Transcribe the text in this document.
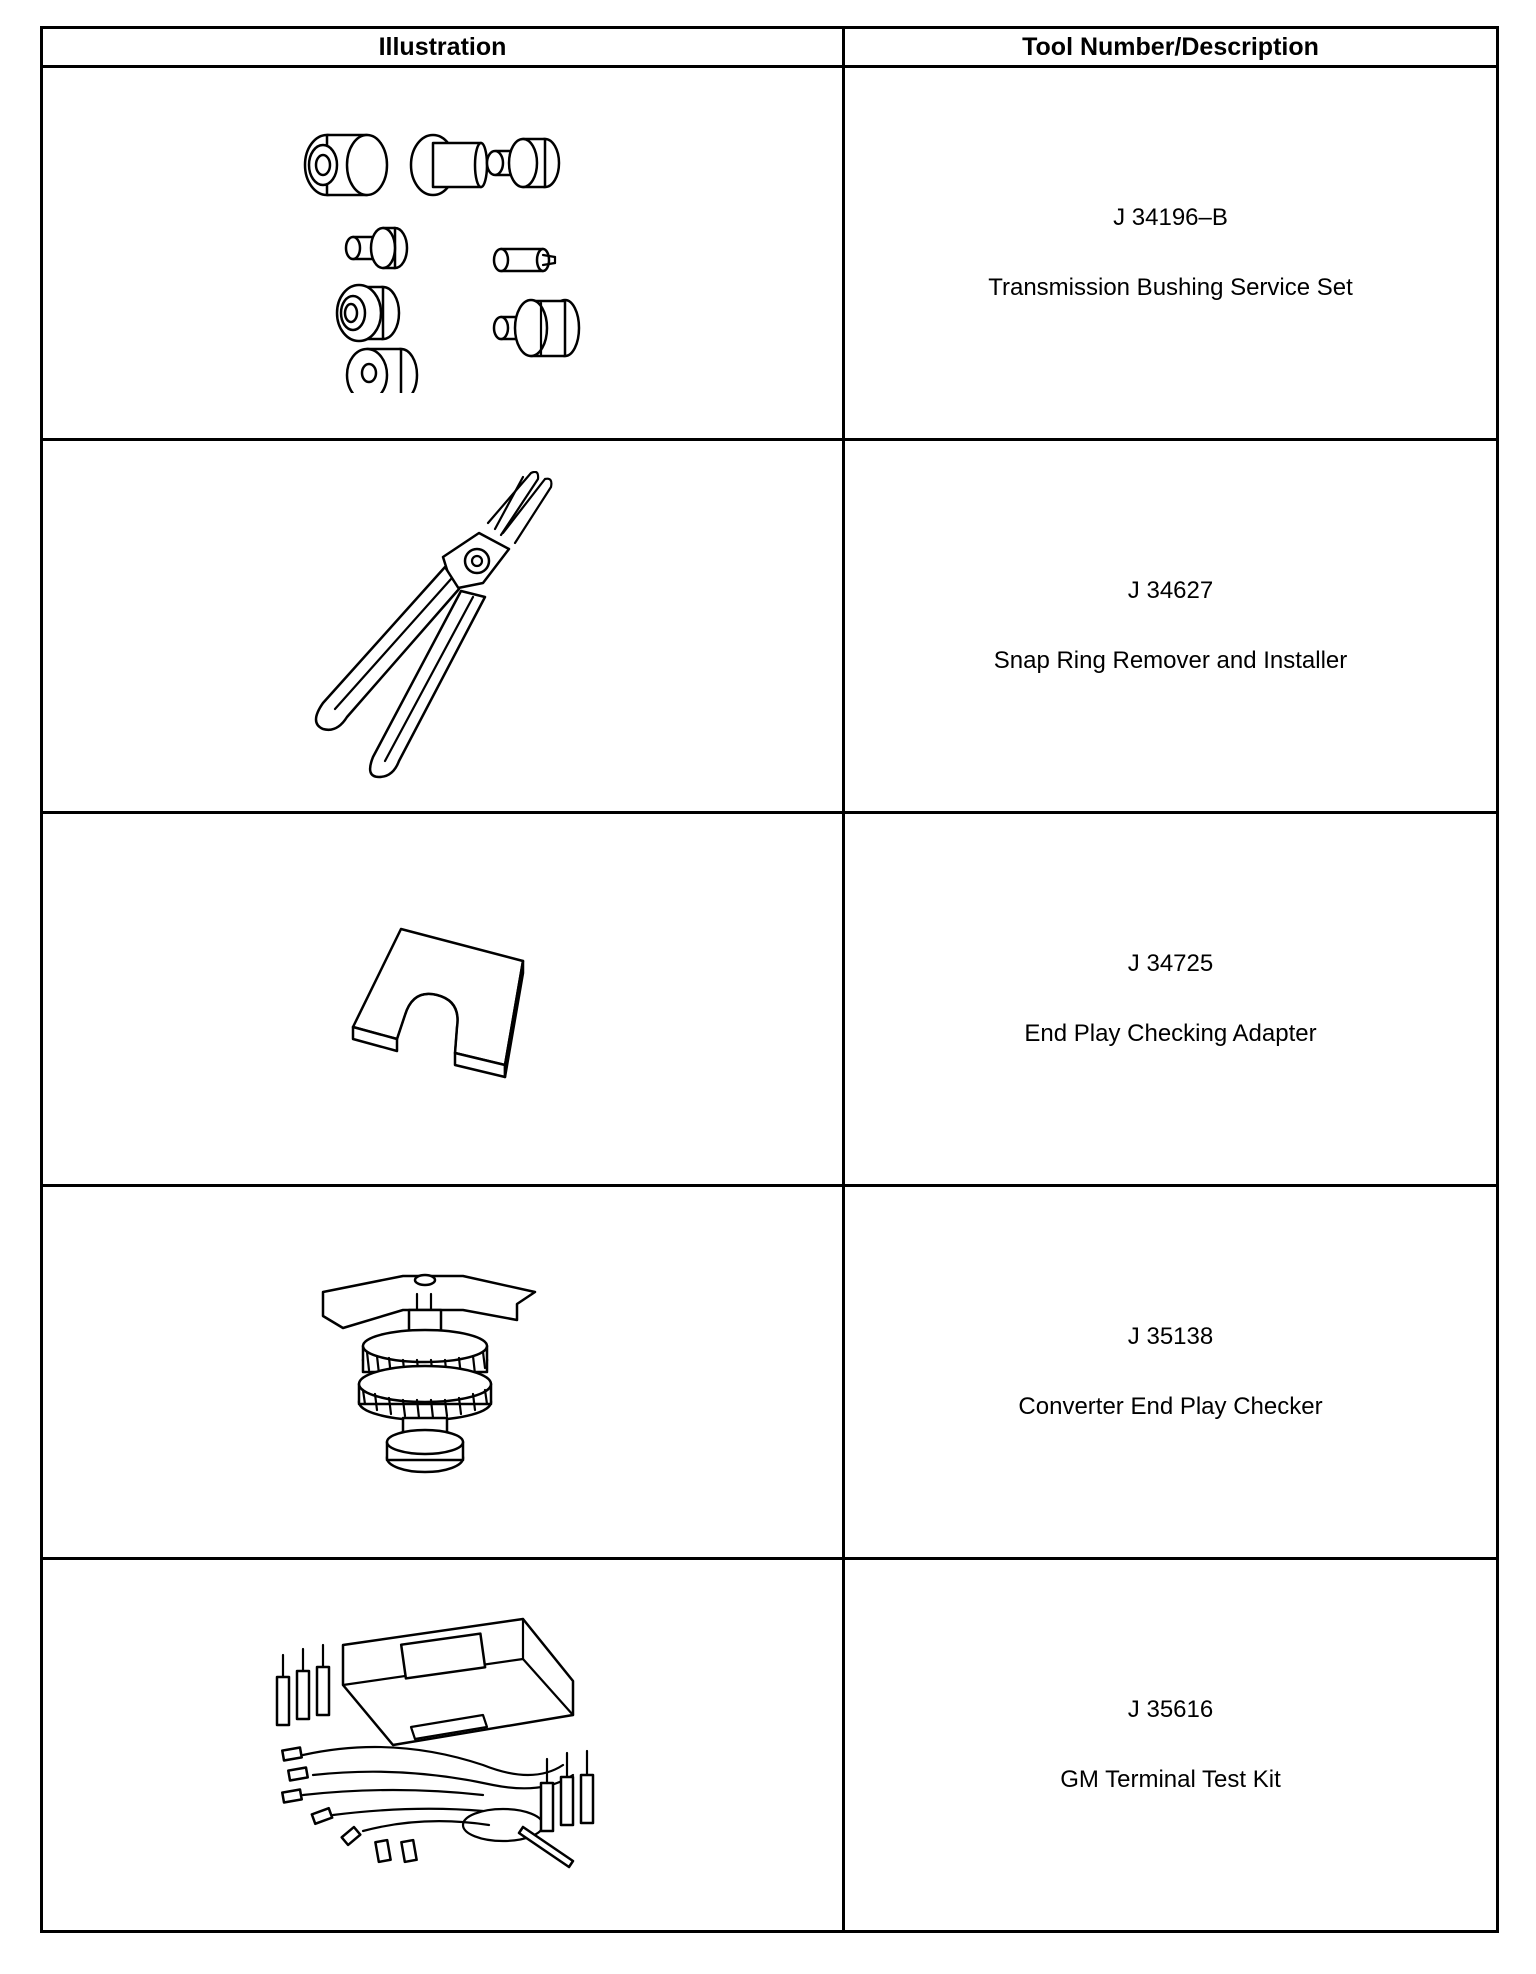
Illustration	Tool Number/Description

J 34196–B
Transmission Bushing Service Set

J 34627
Snap Ring Remover and Installer

J 34725
End Play Checking Adapter

J 35138
Converter End Play Checker

J 35616
GM Terminal Test Kit
